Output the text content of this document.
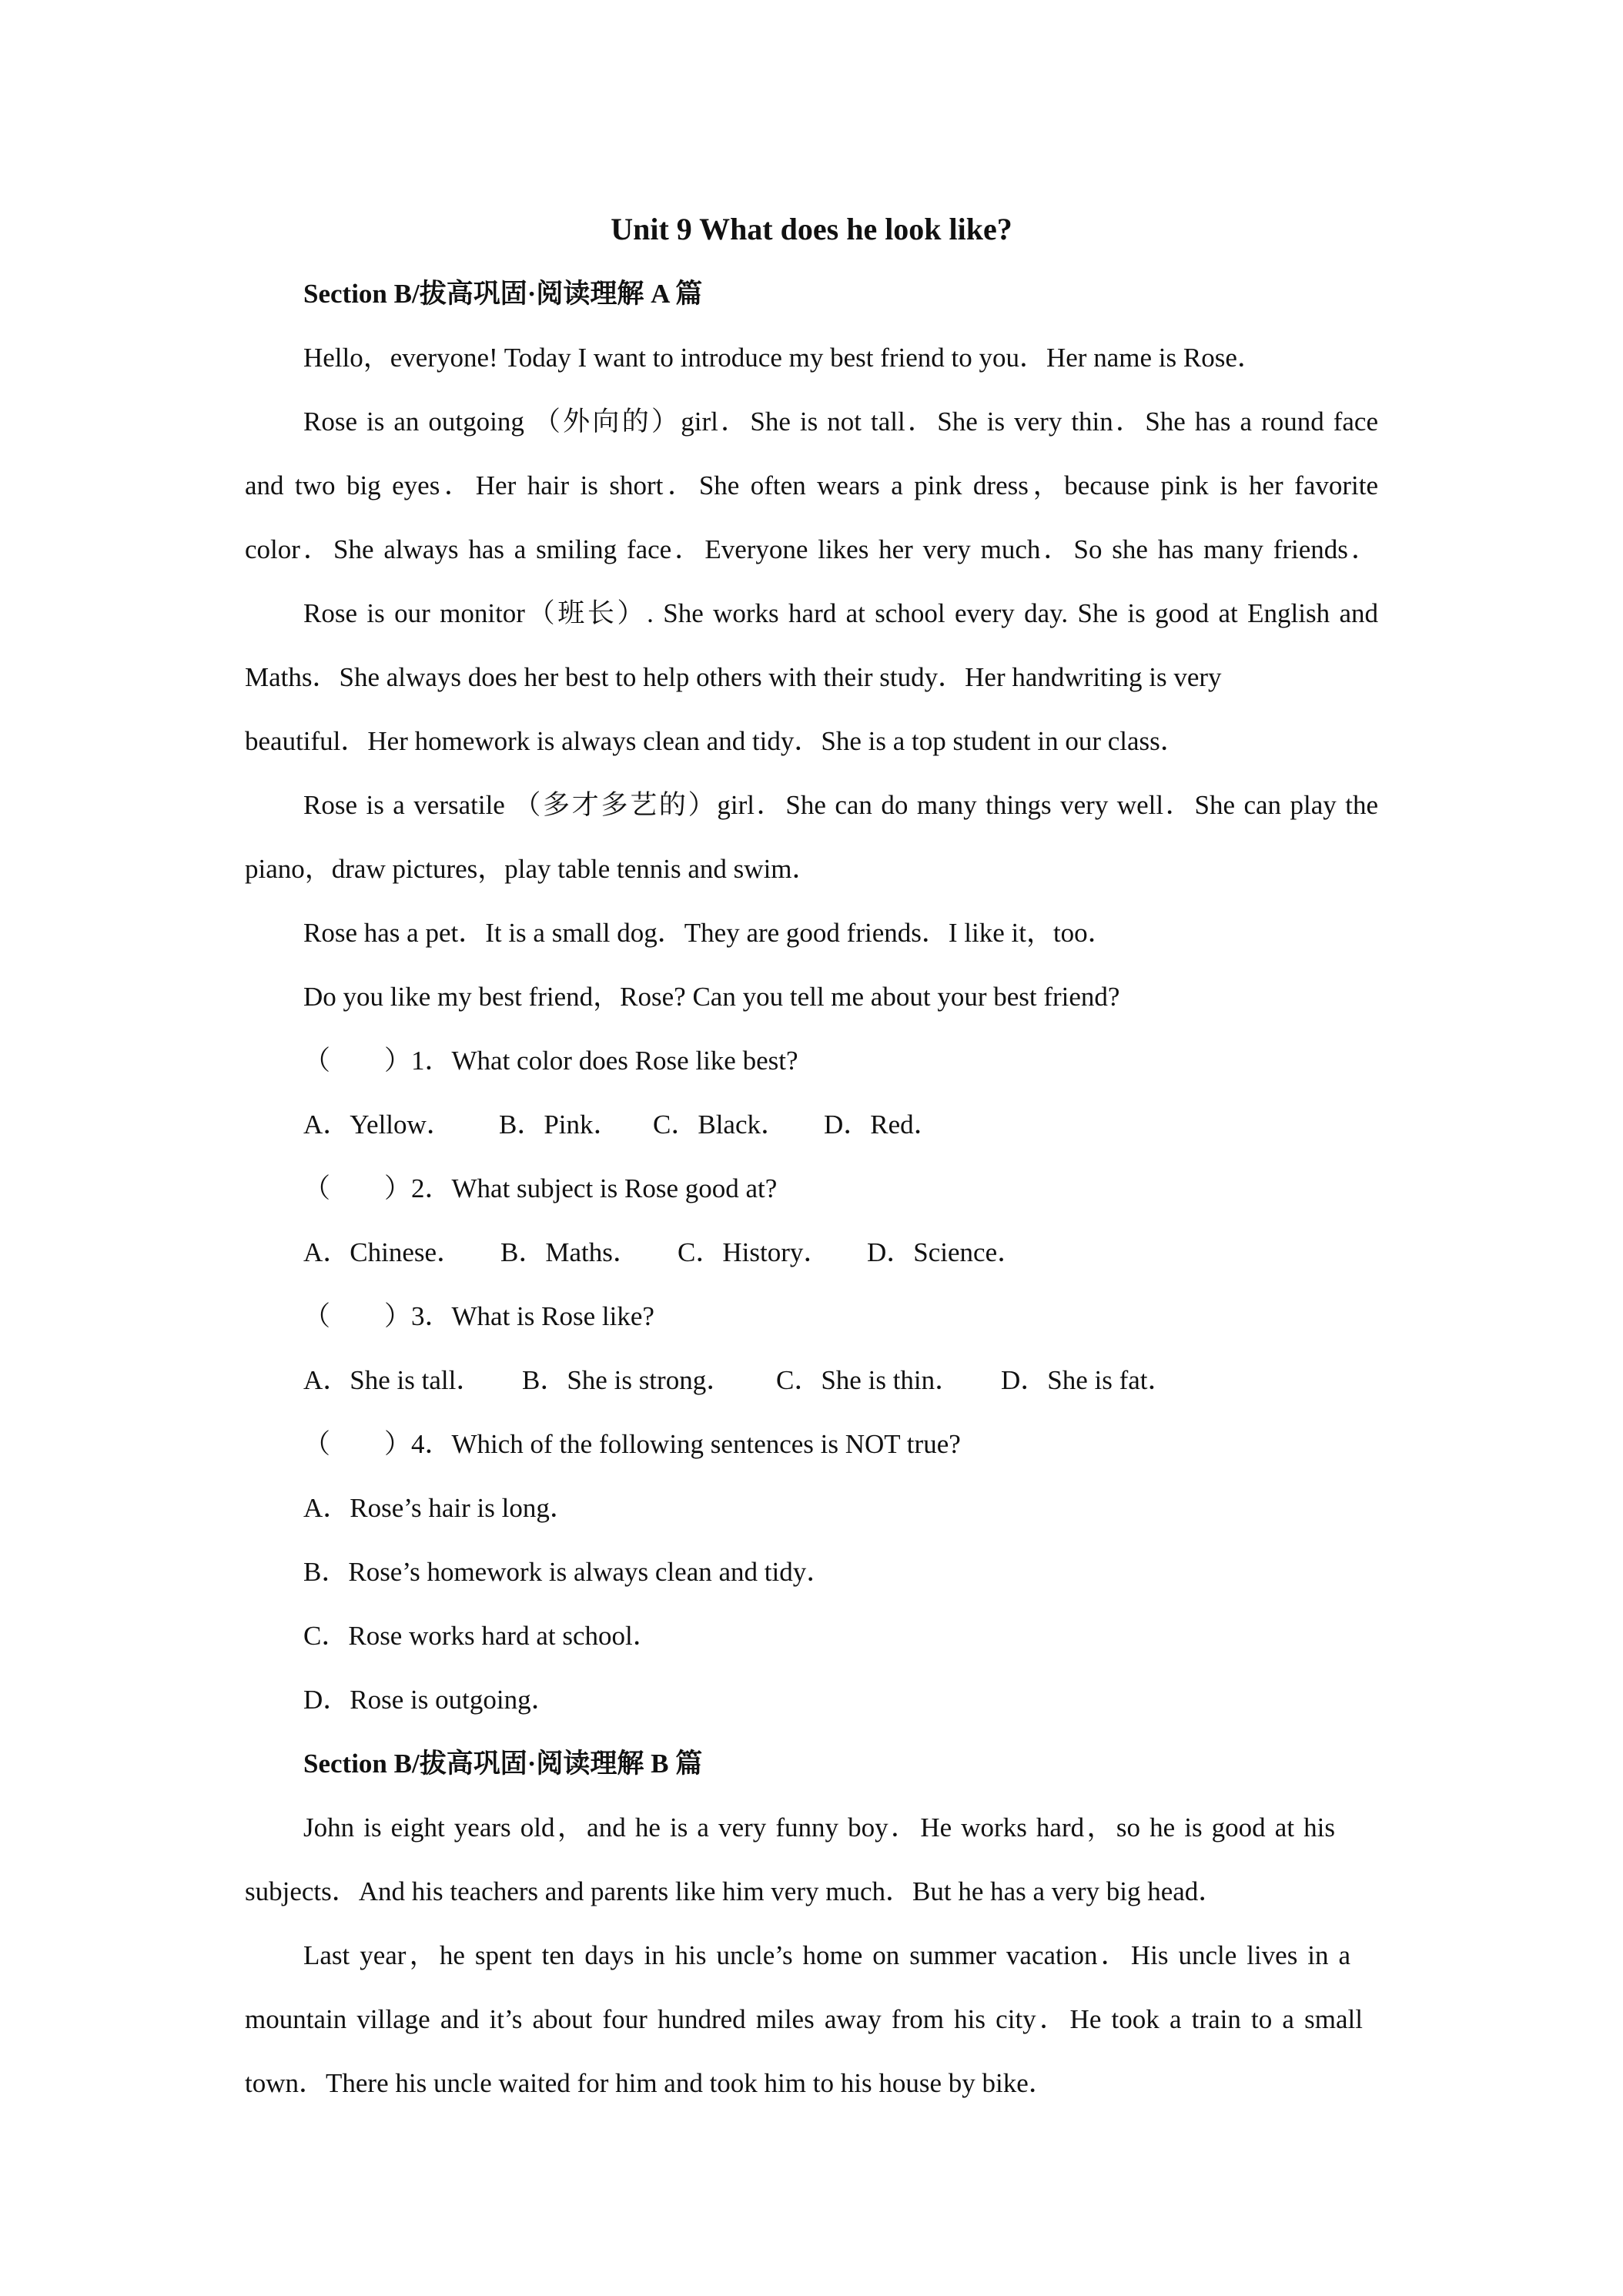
Unit 9 What does he look like?
Section B/拔高巩固·阅读理解 A 篇
Hello，everyone! Today I want to introduce my best friend to you．Her name is Rose．
Rose is an outgoing （外向的）girl．She is not tall．She is very thin．She has a round face
and two big eyes．Her hair is short．She often wears a pink dress，because pink is her favorite
color．She always has a smiling face．Everyone likes her very much．So she has many friends．
Rose is our monitor（班长）. She works hard at school every day. She is good at English and
Maths．She always does her best to help others with their study．Her handwriting is very
beautiful．Her homework is always clean and tidy．She is a top student in our class．
Rose is a versatile （多才多艺的）girl．She can do many things very well．She can play the
piano，draw pictures，play table tennis and swim．
Rose has a pet．It is a small dog．They are good friends．I like it，too．
Do you like my best friend，Rose? Can you tell me about your best friend?
（　　）1．What color does Rose like best?
A．Yellow． B．Pink． C．Black． D．Red．
（　　）2．What subject is Rose good at?
A．Chinese． B．Maths． C．History． D．Science．
（　　）3．What is Rose like?
A．She is tall． B．She is strong． C．She is thin． D．She is fat．
（　　）4．Which of the following sentences is NOT true?
A．Rose’s hair is long．
B．Rose’s homework is always clean and tidy．
C．Rose works hard at school．
D．Rose is outgoing．
Section B/拔高巩固·阅读理解 B 篇
John is eight years old，and he is a very funny boy．He works hard，so he is good at his
subjects．And his teachers and parents like him very much．But he has a very big head．
Last year，he spent ten days in his uncle’s home on summer vacation．His uncle lives in a
mountain village and it’s about four hundred miles away from his city．He took a train to a small
town．There his uncle waited for him and took him to his house by bike．
